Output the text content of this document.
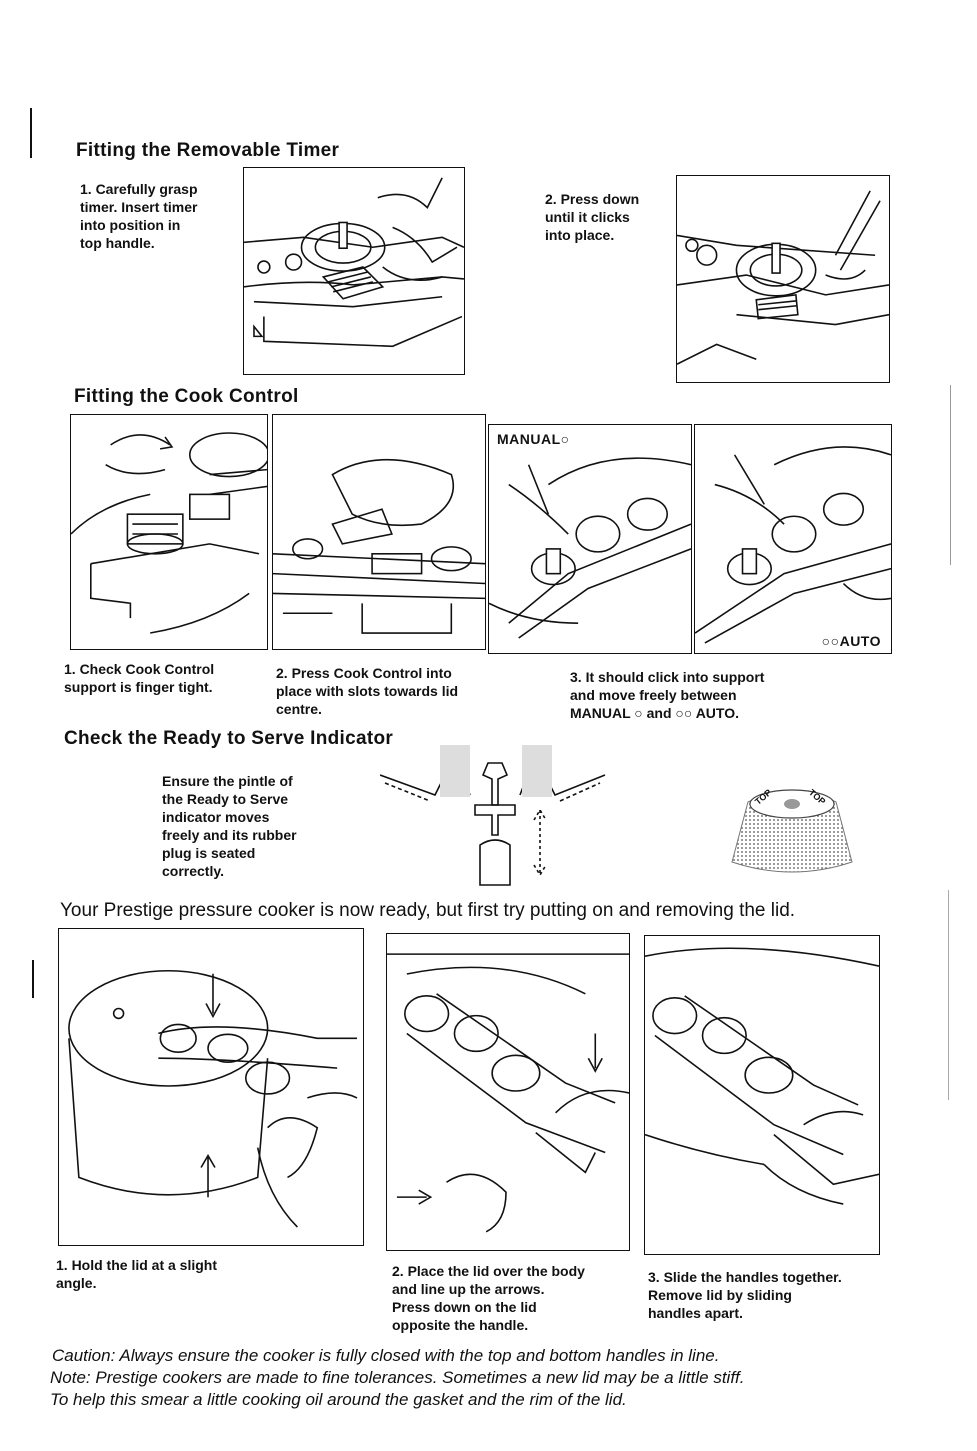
Fitting the Removable Timer
1. Carefully grasp
timer. Insert timer
into position in
top handle.
2. Press down
until it clicks
into place.
Fitting the Cook Control
MANUAL○
○○AUTO
1. Check Cook Control
support is finger tight.
2. Press Cook Control into
place with slots towards lid
centre.
3. It should click into support
and move freely between
MANUAL ○ and ○○ AUTO.
Check the Ready to Serve Indicator
Ensure the pintle of
the Ready to Serve
indicator moves
freely and its rubber
plug is seated
correctly.
TOP	TOP
Your Prestige pressure cooker is now ready, but first try putting on and removing the lid.
1. Hold the lid at a slight
angle.
2. Place the lid over the body
and line up the arrows.
Press down on the lid
opposite the handle.
3. Slide the handles together.
Remove lid by sliding
handles apart.
Caution: Always ensure the cooker is fully closed with the top and bottom handles in line.
Note: Prestige cookers are made to fine tolerances. Sometimes a new lid may be a little stiff.
To help this smear a little cooking oil around the gasket and the rim of the lid.
